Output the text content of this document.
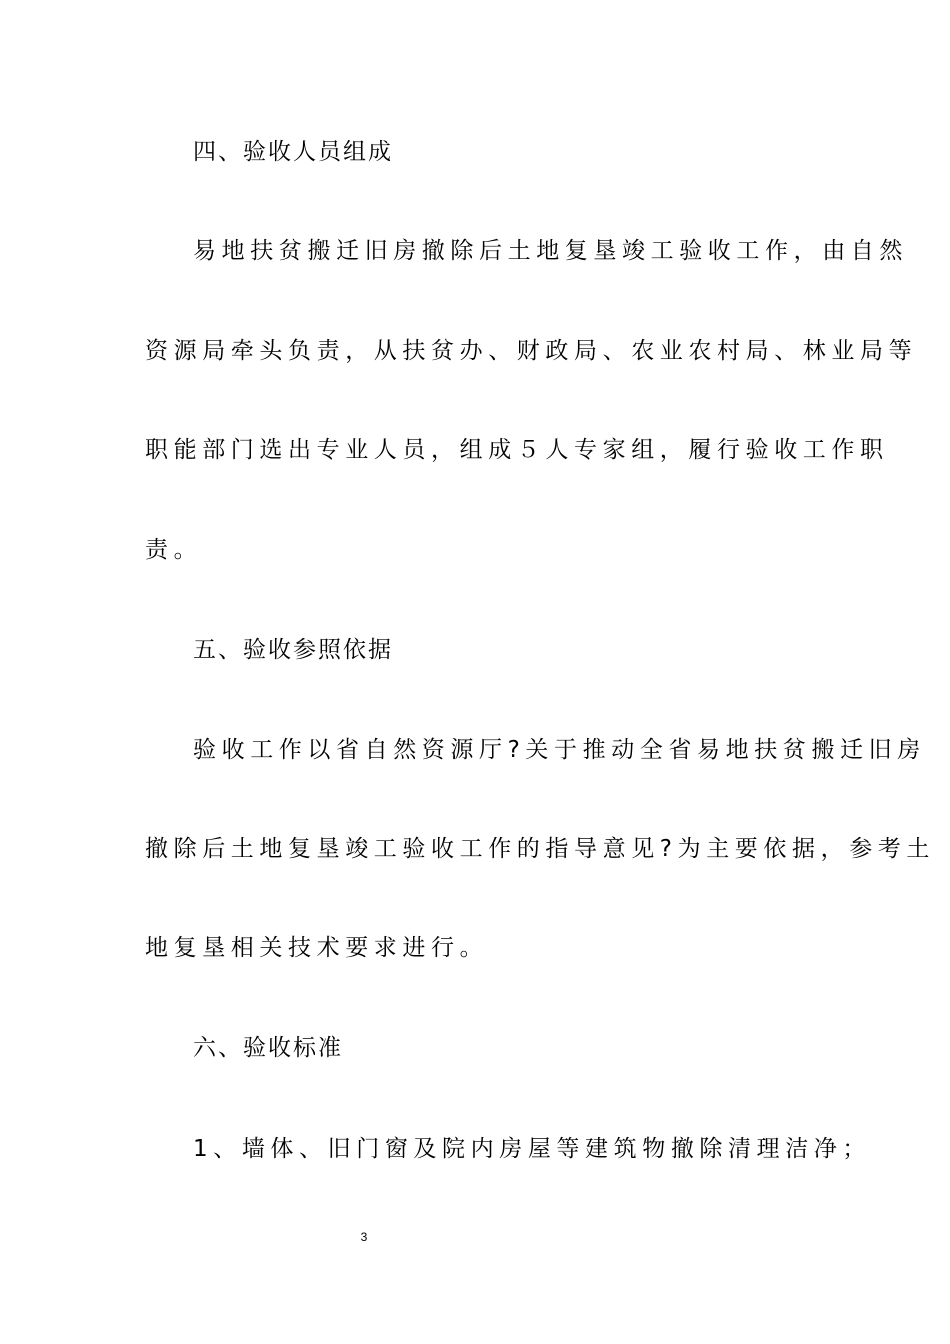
四、验收人员组成
易地扶贫搬迁旧房撤除后土地复垦竣工验收工作，由自然
资源局牵头负责，从扶贫办、财政局、农业农村局、林业局等
职能部门选出专业人员，组成５人专家组，履行验收工作职
责。
五、验收参照依据
验收工作以省自然资源厅?关于推动全省易地扶贫搬迁旧房
撤除后土地复垦竣工验收工作的指导意见?为主要依据，参考土
地复垦相关技术要求进行。
六、验收标准
1、墙体、旧门窗及院内房屋等建筑物撤除清理洁净；
3
